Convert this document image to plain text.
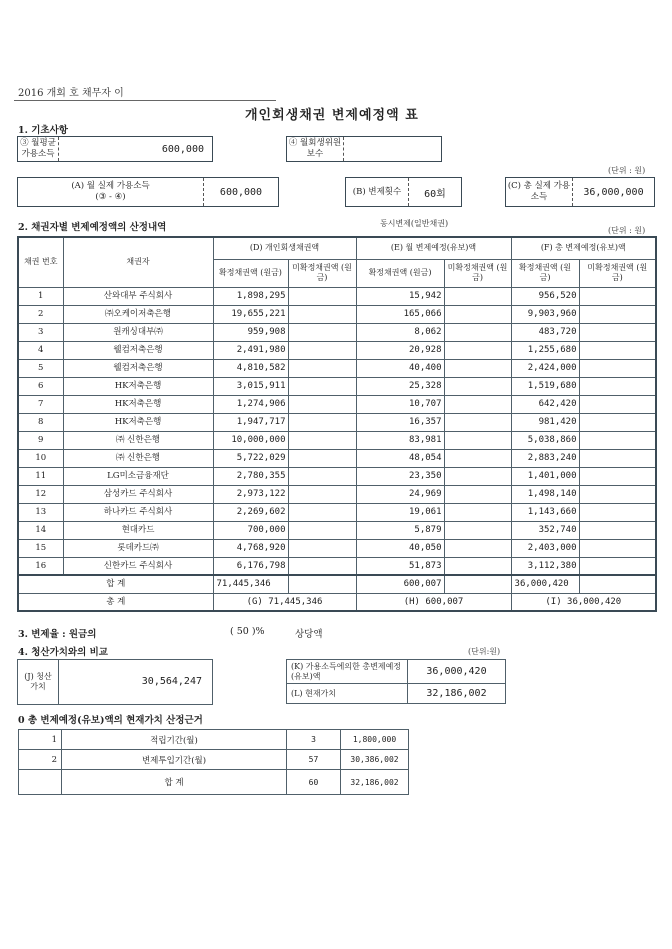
2016 개회 호 채무자 이
개인회생채권 변제예정액 표
1. 기초사항
③ 월평균 가용소득	600,000
④ 월회생위원 보수
(단위 : 원)
(A) 월 실제 가용소득
(③ - ④)	600,000	(B) 변제횟수	60회
(C) 총 실제 가용소득	36,000,000
2. 채권자별 변제예정액의 산정내역	동시변제(일반채권)
(단위 : 원)
채권 번호	채권자	(D) 개인회생채권액		(E) 월 변제예정(유보)액		(F) 총 변제예정(유보)액	
		확정채권액 (원금)	미확정채권액 (원금)	확정채권액 (원금)	미확정채권액 (원금)	확정채권액 (원금)	미확정채권액 (원금)
1	산와대부 주식회사	1,898,295		15,942		956,520	
2	㈜오케이저축은행	19,655,221		165,066		9,903,960	
3	원캐싱대부㈜	959,908		8,062		483,720	
4	웰컴저축은행	2,491,980		20,928		1,255,680	
5	웰컴저축은행	4,810,582		40,400		2,424,000	
6	HK저축은행	3,015,911		25,328		1,519,680	
7	HK저축은행	1,274,906		10,707		642,420	
8	HK저축은행	1,947,717		16,357		981,420	
9	㈜ 신한은행	10,000,000		83,981		5,038,860	
10	㈜ 신한은행	5,722,029		48,054		2,883,240	
11	LG미소금융재단	2,780,355		23,350		1,401,000	
12	삼성카드 주식회사	2,973,122		24,969		1,498,140	
13	하나카드 주식회사	2,269,602		19,061		1,143,660	
14	현대카드	700,000		5,879		352,740	
15	롯데카드㈜	4,768,920		40,050		2,403,000	
16	신한카드 주식회사	6,176,798		51,873		3,112,380	
합 계		71,445,346		600,007		36,000,420	
총 계		(G) 71,445,346		(H) 600,007		(I) 36,000,420	
3. 변제율 : 원금의	( 50 )%	상당액
4. 청산가치와의 비교	(단위:원)
(J) 청산 가치	30,564,247
(K) 가용소득에의한 총변제예정(유보)액	36,000,420
(L) 현재가치	32,186,002
0 총 변제예정(유보)액의 현재가치 산정근거
1	적립기간(월)	3	1,800,000
2	변제투입기간(월)	57	30,386,002
	합 계	60	32,186,002
